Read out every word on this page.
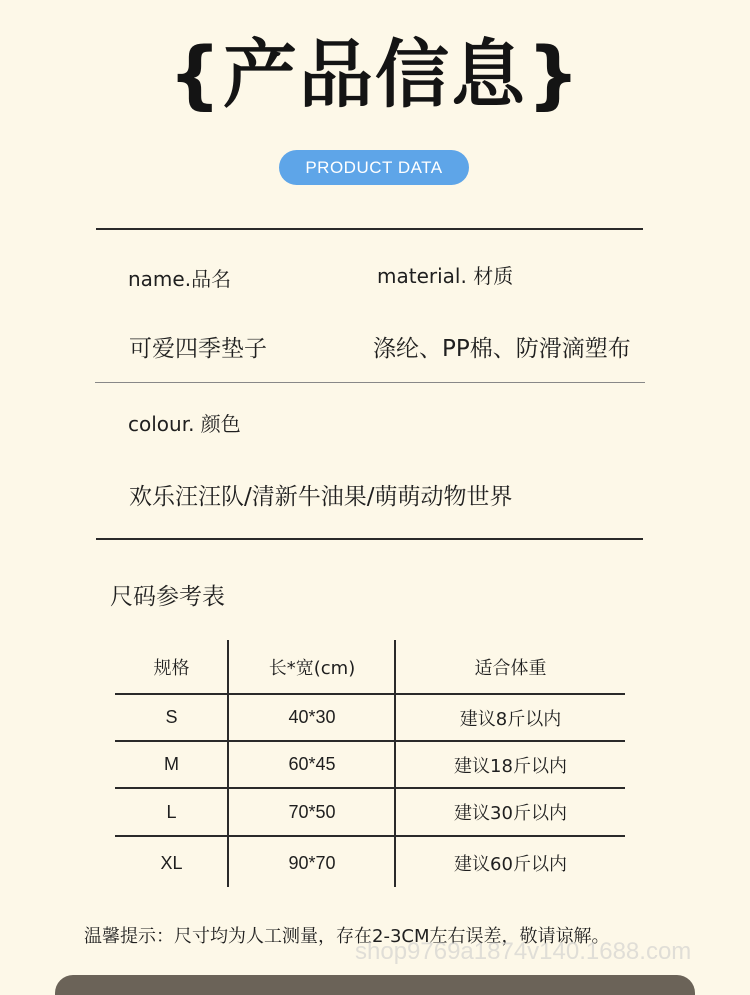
{产品信息}
PRODUCT DATA
name.品名	material. 材质
可爱四季垫子	涤纶、PP棉、防滑滴塑布
colour. 颜色
欢乐汪汪队/清新牛油果/萌萌动物世界
尺码参考表
规格	长*宽(cm)	适合体重
S	40*30	建议8斤以内
M	60*45	建议18斤以内
L	70*50	建议30斤以内
XL	90*70	建议60斤以内
温馨提示：尺寸均为人工测量，存在2-3CM左右误差，敬请谅解。
shop9769a1874v140.1688.com
